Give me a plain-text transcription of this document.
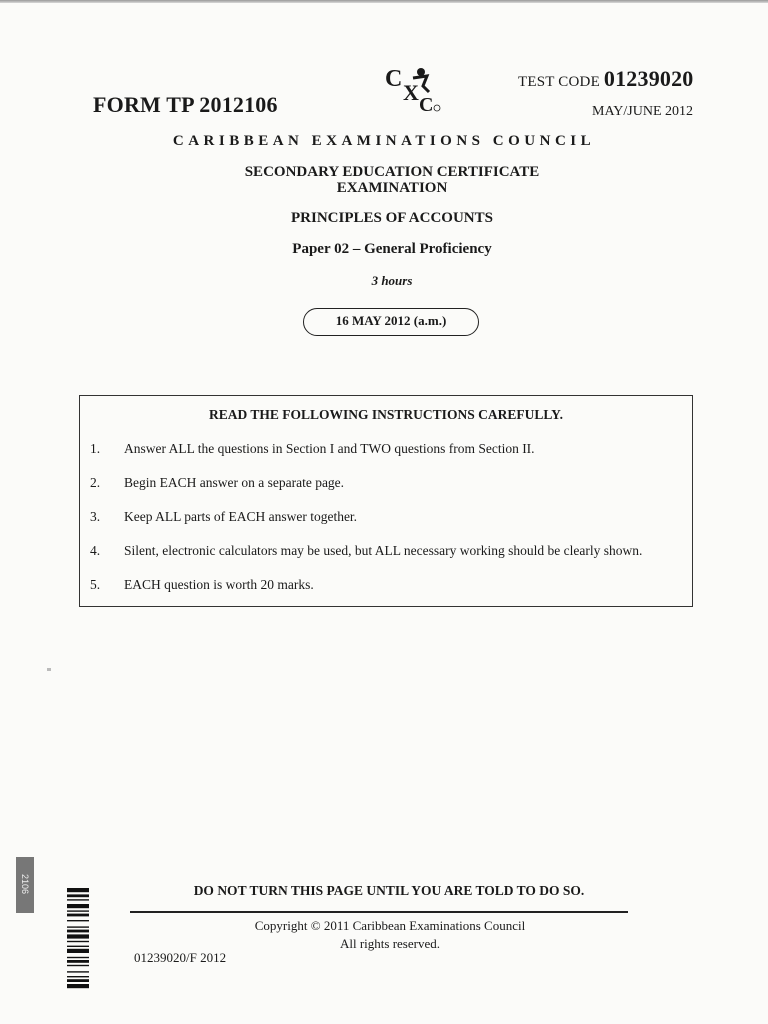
FORM TP 2012106
C
X C
TEST CODE 01239020
MAY/JUNE 2012
CARIBBEAN EXAMINATIONS COUNCIL
SECONDARY EDUCATION CERTIFICATE
EXAMINATION
PRINCIPLES OF ACCOUNTS
Paper 02 – General Proficiency
3 hours
16 MAY 2012 (a.m.)
READ THE FOLLOWING INSTRUCTIONS CAREFULLY.
1. Answer ALL the questions in Section I and TWO questions from Section II.
2. Begin EACH answer on a separate page.
3. Keep ALL parts of EACH answer together.
4. Silent, electronic calculators may be used, but ALL necessary working should be clearly shown.
5. EACH question is worth 20 marks.
2106	DO NOT TURN THIS PAGE UNTIL YOU ARE TOLD TO DO SO.
Copyright © 2011 Caribbean Examinations Council
All rights reserved.
01239020/F 2012
